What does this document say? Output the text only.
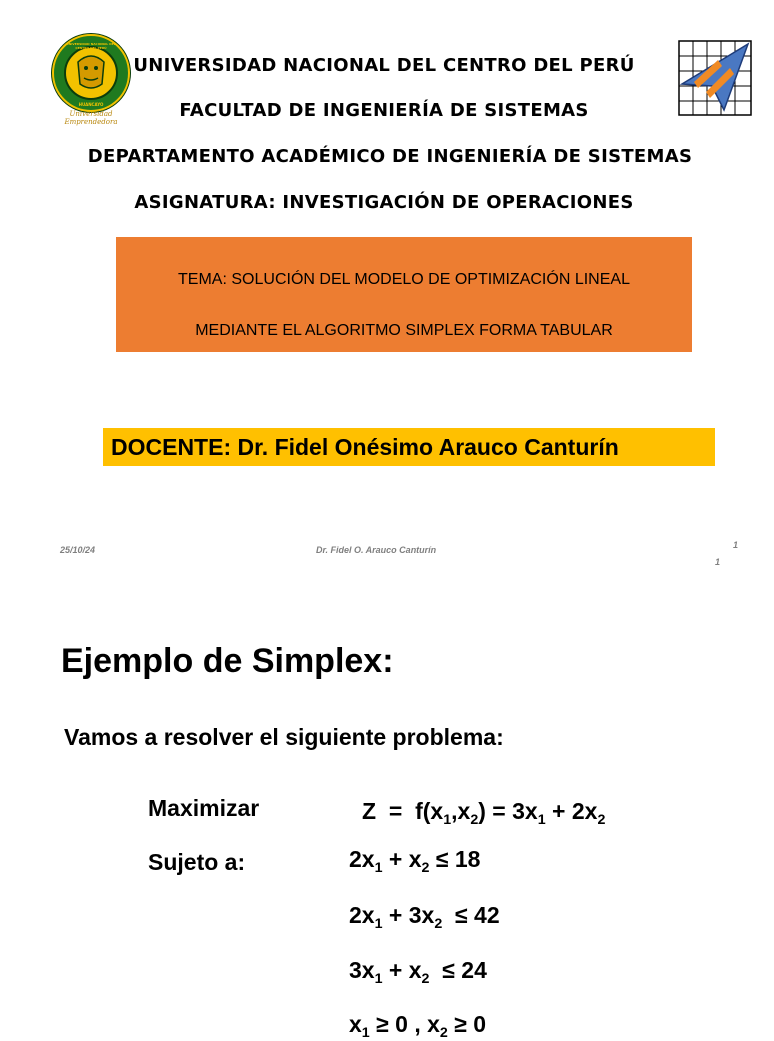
UNIVERSIDAD NACIONAL DEL CENTRO DEL PERÚ
HUANCAYO
Universidad Emprendedora
UNIVERSIDAD NACIONAL DEL CENTRO DEL PERÚ
FACULTAD DE INGENIERÍA DE SISTEMAS
DEPARTAMENTO ACADÉMICO DE INGENIERÍA DE SISTEMAS
ASIGNATURA: INVESTIGACIÓN DE OPERACIONES
TEMA: SOLUCIÓN DEL MODELO DE OPTIMIZACIÓN LINEAL
MEDIANTE EL ALGORITMO SIMPLEX FORMA TABULAR
DOCENTE: Dr. Fidel Onésimo Arauco Canturín
25/10/24	Dr. Fidel O. Arauco Canturín	1
1
Ejemplo de Simplex:
Vamos a resolver el siguiente problema:
Maximizar	$Z = f(x_1,x_2) = 3x_1 + 2x_2$
Sujeto a:	$2x_1 + x_2 \le 18$
$2x_1 + 3x_2 \le 42$
$3x_1 + x_2 \le 24$
$x_1 \ge 0$ , $x_2 \ge 0$
